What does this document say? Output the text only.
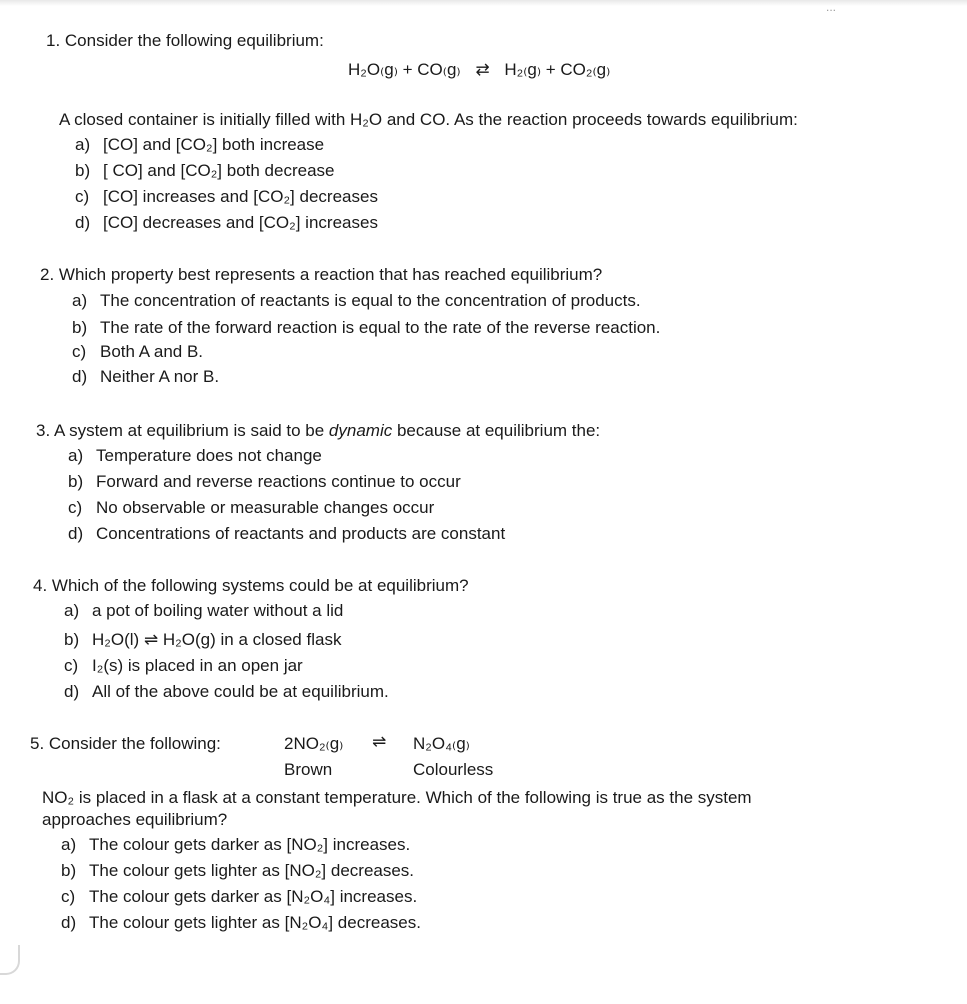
1. Consider the following equilibrium:
H₂O₍g₎ + CO₍g₎ ⇄ H₂₍g₎ + CO₂₍g₎
A closed container is initially filled with H₂O and CO. As the reaction proceeds towards equilibrium:
a) [CO] and [CO₂] both increase
b) [ CO] and [CO₂] both decrease
c) [CO] increases and [CO₂] decreases
d) [CO] decreases and [CO₂] increases
2. Which property best represents a reaction that has reached equilibrium?
a) The concentration of reactants is equal to the concentration of products.
b) The rate of the forward reaction is equal to the rate of the reverse reaction.
c) Both A and B.
d) Neither A nor B.
3. A system at equilibrium is said to be dynamic because at equilibrium the:
a) Temperature does not change
b) Forward and reverse reactions continue to occur
c) No observable or measurable changes occur
d) Concentrations of reactants and products are constant
4. Which of the following systems could be at equilibrium?
a) a pot of boiling water without a lid
b) H₂O(l) ⇌ H₂O(g) in a closed flask
c) I₂(s) is placed in an open jar
d) All of the above could be at equilibrium.
5. Consider the following:	2NO₂₍g₎ ⇌ N₂O₄₍g₎
Brown	Colourless
NO₂ is placed in a flask at a constant temperature. Which of the following is true as the system
approaches equilibrium?
a) The colour gets darker as [NO₂] increases.
b) The colour gets lighter as [NO₂] decreases.
c) The colour gets darker as [N₂O₄] increases.
d) The colour gets lighter as [N₂O₄] decreases.
...
